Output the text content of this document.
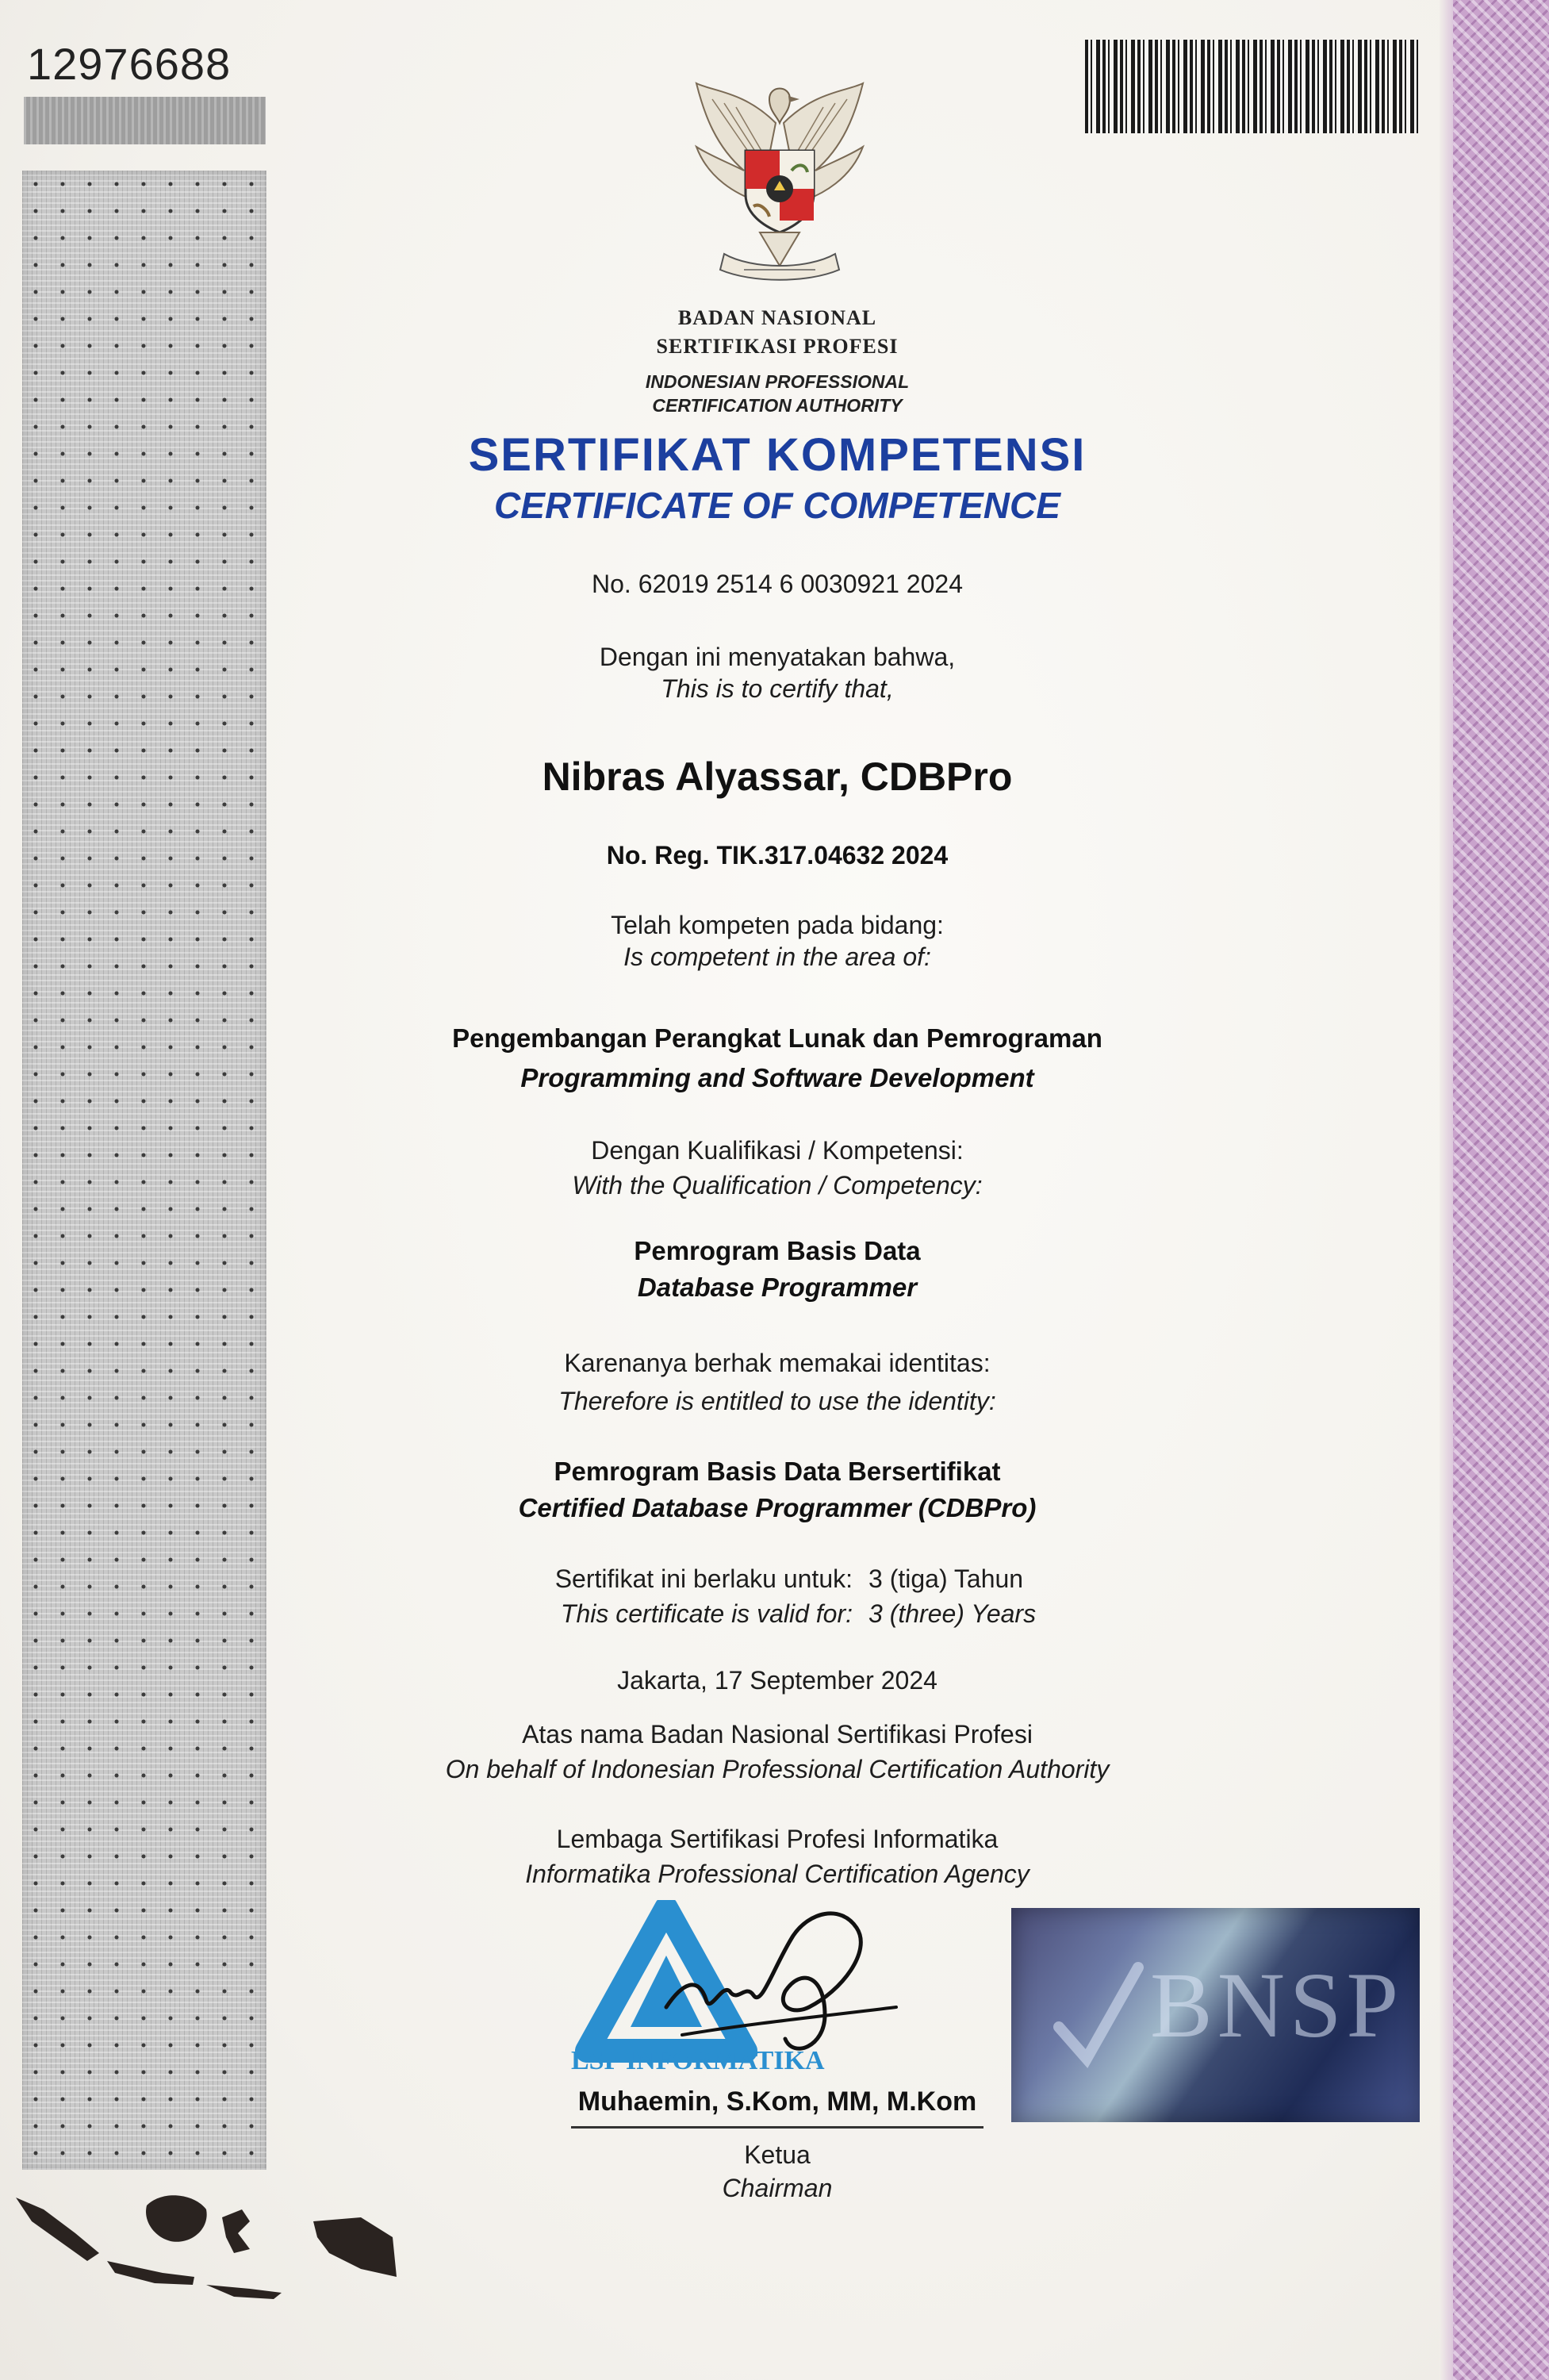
12976688
BADAN NASIONAL
SERTIFIKASI PROFESI
INDONESIAN PROFESSIONAL
CERTIFICATION AUTHORITY
SERTIFIKAT KOMPETENSI
CERTIFICATE OF COMPETENCE
No. 62019 2514 6 0030921 2024
Dengan ini menyatakan bahwa,
This is to certify that,
Nibras Alyassar, CDBPro
No. Reg. TIK.317.04632 2024
Telah kompeten pada bidang:
Is competent in the area of:
Pengembangan Perangkat Lunak dan Pemrograman
Programming and Software Development
Dengan Kualifikasi / Kompetensi:
With the Qualification / Competency:
Pemrogram Basis Data
Database Programmer
Karenanya berhak memakai identitas:
Therefore is entitled to use the identity:
Pemrogram Basis Data Bersertifikat
Certified Database Programmer (CDBPro)
Sertifikat ini berlaku untuk: 3 (tiga) Tahun
This certificate is valid for: 3 (three) Years
Jakarta, 17 September 2024
Atas nama Badan Nasional Sertifikasi Profesi
On behalf of Indonesian Professional Certification Authority
Lembaga Sertifikasi Profesi Informatika
Informatika Professional Certification Agency
LSP INFORMATIKA
Muhaemin, S.Kom, MM, M.Kom
Ketua
Chairman
BNSP
